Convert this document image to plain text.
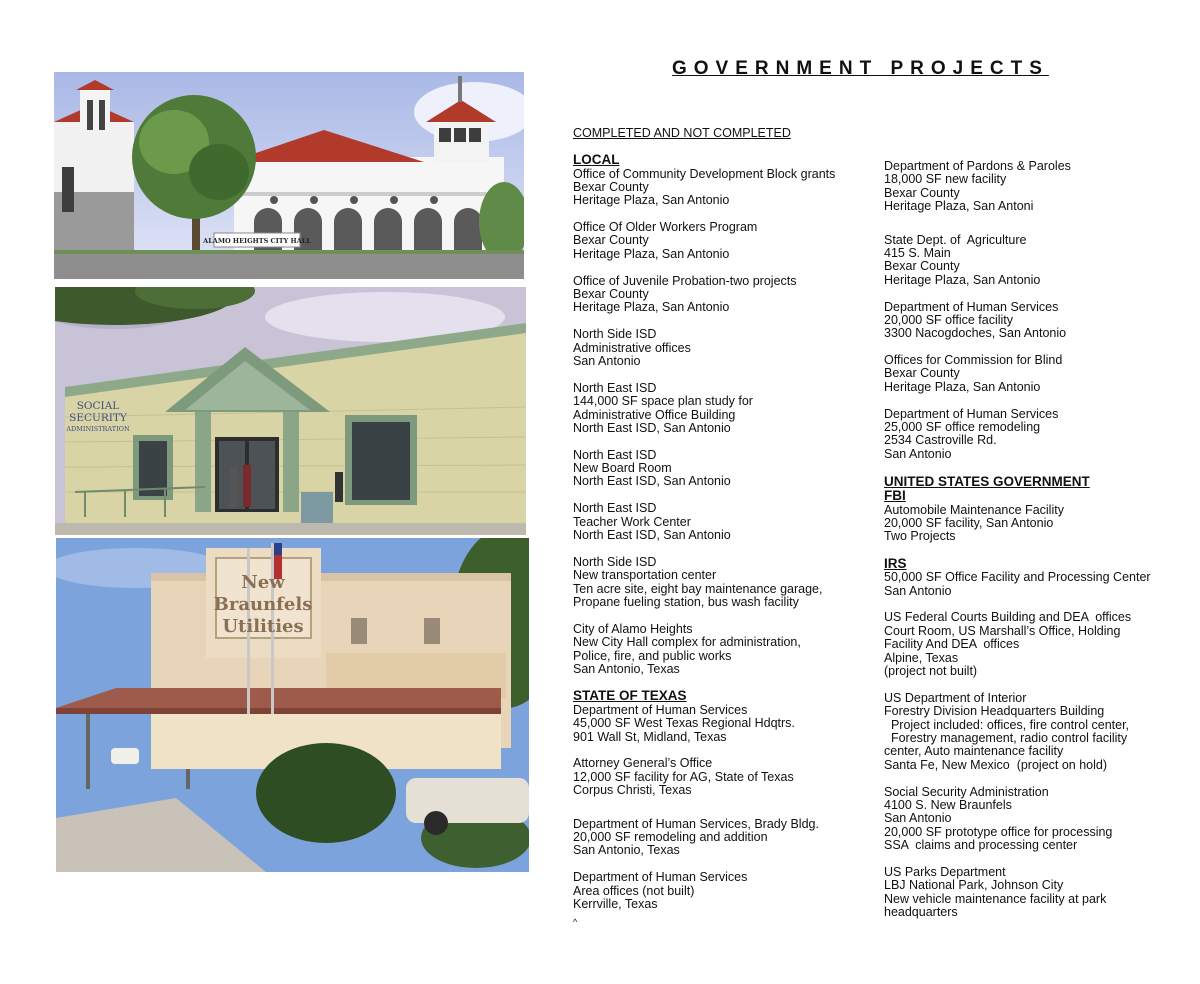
ALAMO HEIGHTS CITY HALL
SOCIAL
SECURITY
ADMINISTRATION
New
Braunfels
Utilities
GOVERNMENT PROJECTS

COMPLETED AND NOT COMPLETED

LOCAL

Office of Community Development Block grants
Bexar County
Heritage Plaza, San Antonio
Office Of Older Workers Program
Bexar County
Heritage Plaza, San Antonio
Office of Juvenile Probation-two projects
Bexar County
Heritage Plaza, San Antonio
North Side ISD
Administrative offices
San Antonio
North East ISD
144,000 SF space plan study for
Administrative Office Building
North East ISD, San Antonio
North East ISD
New Board Room
North East ISD, San Antonio
North East ISD
Teacher Work Center
North East ISD, San Antonio
North Side ISD
New transportation center
Ten acre site, eight bay maintenance garage,
Propane fueling station, bus wash facility
City of Alamo Heights
New City Hall complex for administration,
Police, fire, and public works
San Antonio, Texas

STATE OF TEXAS

Department of Human Services
45,000 SF West Texas Regional Hdqtrs.
901 Wall St, Midland, Texas
Attorney General’s Office
12,000 SF facility for AG, State of Texas
Corpus Christi, Texas
Department of Human Services, Brady Bldg.
20,000 SF remodeling and addition
San Antonio, Texas
Department of Human Services
Area offices (not built)
Kerrville, Texas

^

Department of Pardons & Paroles
18,000 SF new facility
Bexar County
Heritage Plaza, San Antoni
State Dept. of  Agriculture
415 S. Main
Bexar County
Heritage Plaza, San Antonio
Department of Human Services
20,000 SF office facility
3300 Nacogdoches, San Antonio
Offices for Commission for Blind
Bexar County
Heritage Plaza, San Antonio
Department of Human Services
25,000 SF office remodeling
2534 Castroville Rd.
San Antonio

UNITED STATES GOVERNMENT

FBI

Automobile Maintenance Facility
20,000 SF facility, San Antonio
Two Projects

IRS

50,000 SF Office Facility and Processing Center
San Antonio
US Federal Courts Building and DEA  offices
Court Room, US Marshall’s Office, Holding
Facility And DEA  offices
Alpine, Texas
(project not built)
US Department of Interior
Forestry Division Headquarters Building
Project included: offices, fire control center,
Forestry management, radio control facility
center, Auto maintenance facility
Santa Fe, New Mexico  (project on hold)
Social Security Administration
4100 S. New Braunfels
San Antonio
20,000 SF prototype office for processing
SSA  claims and processing center
US Parks Department
LBJ National Park, Johnson City
New vehicle maintenance facility at park
headquarters
